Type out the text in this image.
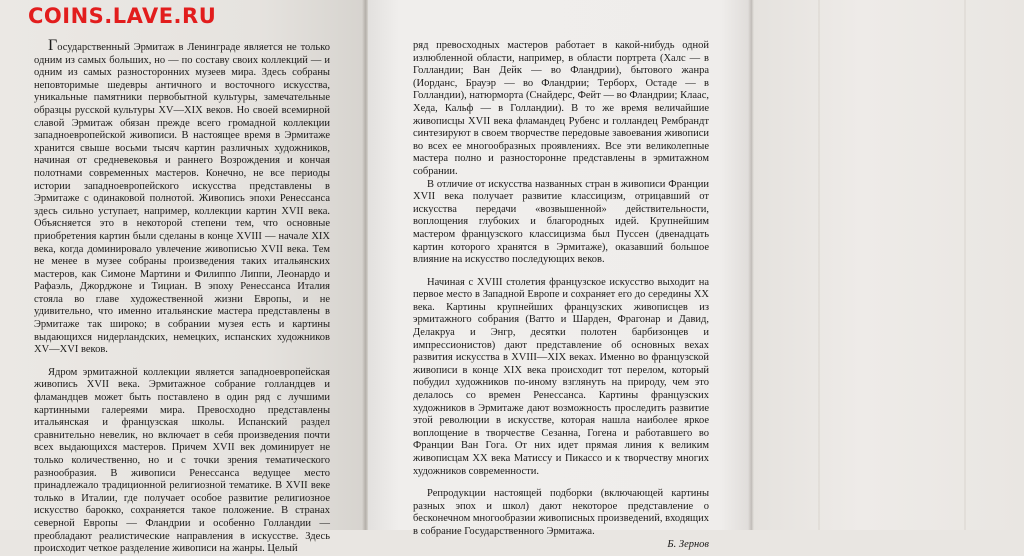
COINS.LAVE.RU

Государственный Эрмитаж в Ленинграде является не только одним из самых больших, но — по составу своих коллекций — и одним из самых разносторонних музеев мира. Здесь собраны неповторимые шедевры античного и восточного искусства, уникальные памятники первобытной культуры, замечательные образцы русской культуры XV—XIX веков. Но своей всемирной славой Эрмитаж обязан прежде всего громадной коллекции западноевропейской живописи. В настоящее время в Эрмитаже хранится свыше восьми тысяч картин различных художников, начиная от средневековья и раннего Возрождения и кончая полотнами современных мастеров. Конечно, не все периоды истории западноевропейского искусства представлены в Эрмитаже с одинаковой полнотой. Живопись эпохи Ренессанса здесь сильно уступает, например, коллекции картин XVII века. Объясняется это в некоторой степени тем, что основные приобретения картин были сделаны в конце XVIII — начале XIX века, когда доминировало увлечение живописью XVII века. Тем не менее в музее собраны произведения таких итальянских мастеров, как Симоне Мартини и Филиппо Липпи, Леонардо и Рафаэль, Джорджоне и Тициан. В эпоху Ренессанса Италия стояла во главе художественной жизни Европы, и не удивительно, что именно итальянские мастера представлены в Эрмитаже так широко; в собрании музея есть и картины выдающихся нидерландских, немецких, испанских художников XV—XVI веков.

Ядром эрмитажной коллекции является западноевропейская живопись XVII века. Эрмитажное собрание голландцев и фламандцев может быть поставлено в один ряд с лучшими картинными галереями мира. Превосходно представлены итальянская и французская школы. Испанский раздел сравнительно невелик, но включает в себя произведения почти всех выдающихся мастеров. Причем XVII век доминирует не только количественно, но и с точки зрения тематического разнообразия. В живописи Ренессанса ведущее место принадлежало традиционной религиозной тематике. В XVII веке только в Италии, где получает особое развитие религиозное искусство барокко, сохраняется такое положение. В странах северной Европы — Фландрии и особенно Голландии — преобладают реалистические направления в искусстве. Здесь происходит четкое разделение живописи на жанры. Целый

ряд превосходных мастеров работает в какой-нибудь одной излюбленной области, например, в области портрета (Халс — в Голландии; Ван Дейк — во Фландрии), бытового жанра (Иорданс, Брауэр — во Фландрии; Терборх, Остаде — в Голландии), натюрморта (Снайдерс, Фейт — во Фландрии; Клаас, Хеда, Кальф — в Голландии). В то же время величайшие живописцы XVII века фламандец Рубенс и голландец Рембрандт синтезируют в своем творчестве передовые завоевания живописи во всех ее многообразных проявлениях. Все эти великолепные мастера полно и разносторонне представлены в эрмитажном собрании.

В отличие от искусства названных стран в живописи Франции XVII века получает развитие классицизм, отрицавший от искусства передачи «возвышенной» действительности, воплощения глубоких и благородных идей. Крупнейшим мастером французского классицизма был Пуссен (двенадцать картин которого хранятся в Эрмитаже), оказавший большое влияние на искусство последующих веков.

Начиная с XVIII столетия французское искусство выходит на первое место в Западной Европе и сохраняет его до середины XX века. Картины крупнейших французских живописцев из эрмитажного собрания (Ватто и Шарден, Фрагонар и Давид, Делакруа и Энгр, десятки полотен барбизонцев и импрессионистов) дают представление об основных вехах развития искусства в XVIII—XIX веках. Именно во французской живописи в конце XIX века происходит тот перелом, который побудил художников по-иному взглянуть на природу, чем это делалось со времен Ренессанса. Картины французских художников в Эрмитаже дают возможность проследить развитие этой революции в искусстве, которая нашла наиболее яркое воплощение в творчестве Сезанна, Гогена и работавшего во Франции Ван Гога. От них идет прямая линия к великим живописцам XX века Матиссу и Пикассо и к творчеству многих художников современности.

Репродукции настоящей подборки (включающей картины разных эпох и школ) дают некоторое представление о бесконечном многообразии живописных произведений, входящих в собрание Государственного Эрмитажа.

Б. Зернов
